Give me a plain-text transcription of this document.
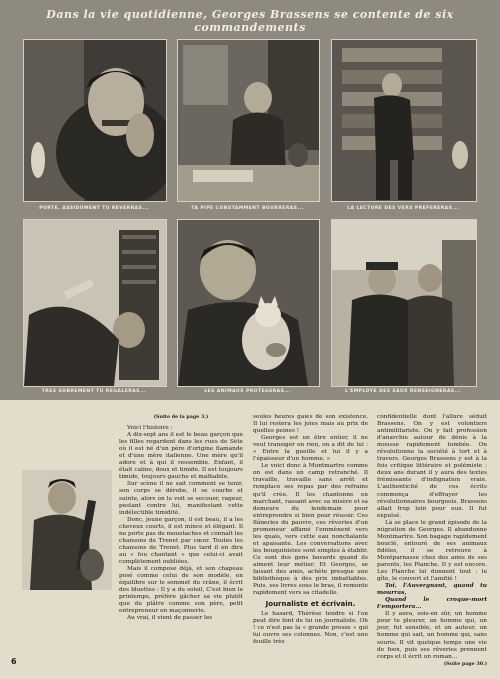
Dans la vie quotidienne, Georges Brassens se contente de six commandements
PORTE, ASSIDUMENT TU REVERRAS...	TA PIPE CONSTAMMENT BOURRERAS...	LA LECTURE DES VERS PREFERERAS...
TRES SOBREMENT TU REGALERAS...	LES ANIMAUX PROTEGERAS...	L'EMPLOYE DES EAUX RENSEIGNERAS...
(Suite de la page 3.)

Voici l'histoire :

A dix-sept ans il est le beau garçon que les filles regardent dans les rues de Sète où il est né d'un père d'origine flamande et d'une mère italienne. Une mère qu'il adore et à qui il ressemble. Enfant, il était calme, doux et timide. Il est toujours timide, toujours gauche et malhabile.

Sur scène il ne sait comment se tenir, son corps se dérobe, il se courbe et suinte, alors on le voit se secouer, rageur, pestant contre lui, manifestant cette indélectible timidité.

Donc, jeune garçon, il est beau, il a les cheveux courts, il est mince et élégant. Il ne porte pas de moustaches et connaît les chansons de Trenet par cœur. Toutes les chansons de Trenet. Plus tard il en dira au « fou chantant » que celui-ci avait complètement oubliées.

Mais il compose déjà, et son chapeau posé comme celui de son modèle, en équilibre sur le sommet du crâne, il écrit des bluettes : Il y a du soleil, C'est bien le printemps, préfère gâcher sa vie plutôt que du plâtre comme son père, petit entrepreneur en maçonnerie.

Au vrai, il vient de passer les

seules heures gaies de son existence. Il lui restera les joies mais au prix de quelles peines !

Georges est un être entier, il ne veut transiger en rien, on a dit de lui : « Entre la gueille et lui il y a l'épaisseur d'un homme. »

Le voici donc à Montmartre comme on est dans un camp retranché. Il travaille, travaille sans arrêt et remplace ses repas par des refrains qu'il crée. Il les chantonne en marchant, rassant avec sa misère et sa demeure du lendemain pour entreprendre si bien pour réussir. Ces flâneries du pauvre, ces rêveries d'un promeneur affamé l'emmènent vers les quais, vers cette eau nonchalante et apaisante. Les conversations avec les bouquinistes sont simples à établir. Ce sont des gens bavards quand ils aiment leur métier. Et Georges, se faisant des amis, achète presque une bibliothèque à des prix imbattables. Puis, ses livres sous le bras, il remonte rapidement vers sa citadelle.

Journaliste et écrivain.

Le hasard, Thérèse tendre si l'on peut dire font de lui un journaliste. Oh ! ce n'est pas la « grande presse » qui lui ouvre ses colonnes. Non, c'est une feuille très

confidentielle dont l'allure séduit Brassens. On y est volontiers antimilitariste. On y fait profession d'anarchie autour de dénis à la mousse rapidement tombée. On révolutionne la société à tort et à travers. Georges Brassens y est à la fois critique littéraire et polémiste : deux ans durant il y aura des textes frémissants d'indignation vraie. L'authenticité de ces écrits commença d'effrayer les révolutionnaires bourgeois. Brassens allait trop loin pour eux. Il fut expulsé.

Là se place le grand épisode de la migration de Georges. Il abandonne Montmartre. Son bagage rapidement bouclé, entouré de ses animaux fidèles, il se retrouve à Montparnasse chez des amis de ses parents, les Planche. Il y est encore. Les Planche lui donnent tout : le gîte, le couvert et l'amitié !

Toi, l'Auvergnant, quand tu mourras,

Quand le croque-mort t'emportera...

Il y aura, sois-en sûr, un homme pour te pleurer, un homme qui, un jour, fut sensible, et un auteur, un homme qui sait, un homme qui, sans souris. Il vit quelque temps une vie de foox, puis ses rêveries prennent corps et il écrit un roman...

(Suite page 30.)
6
